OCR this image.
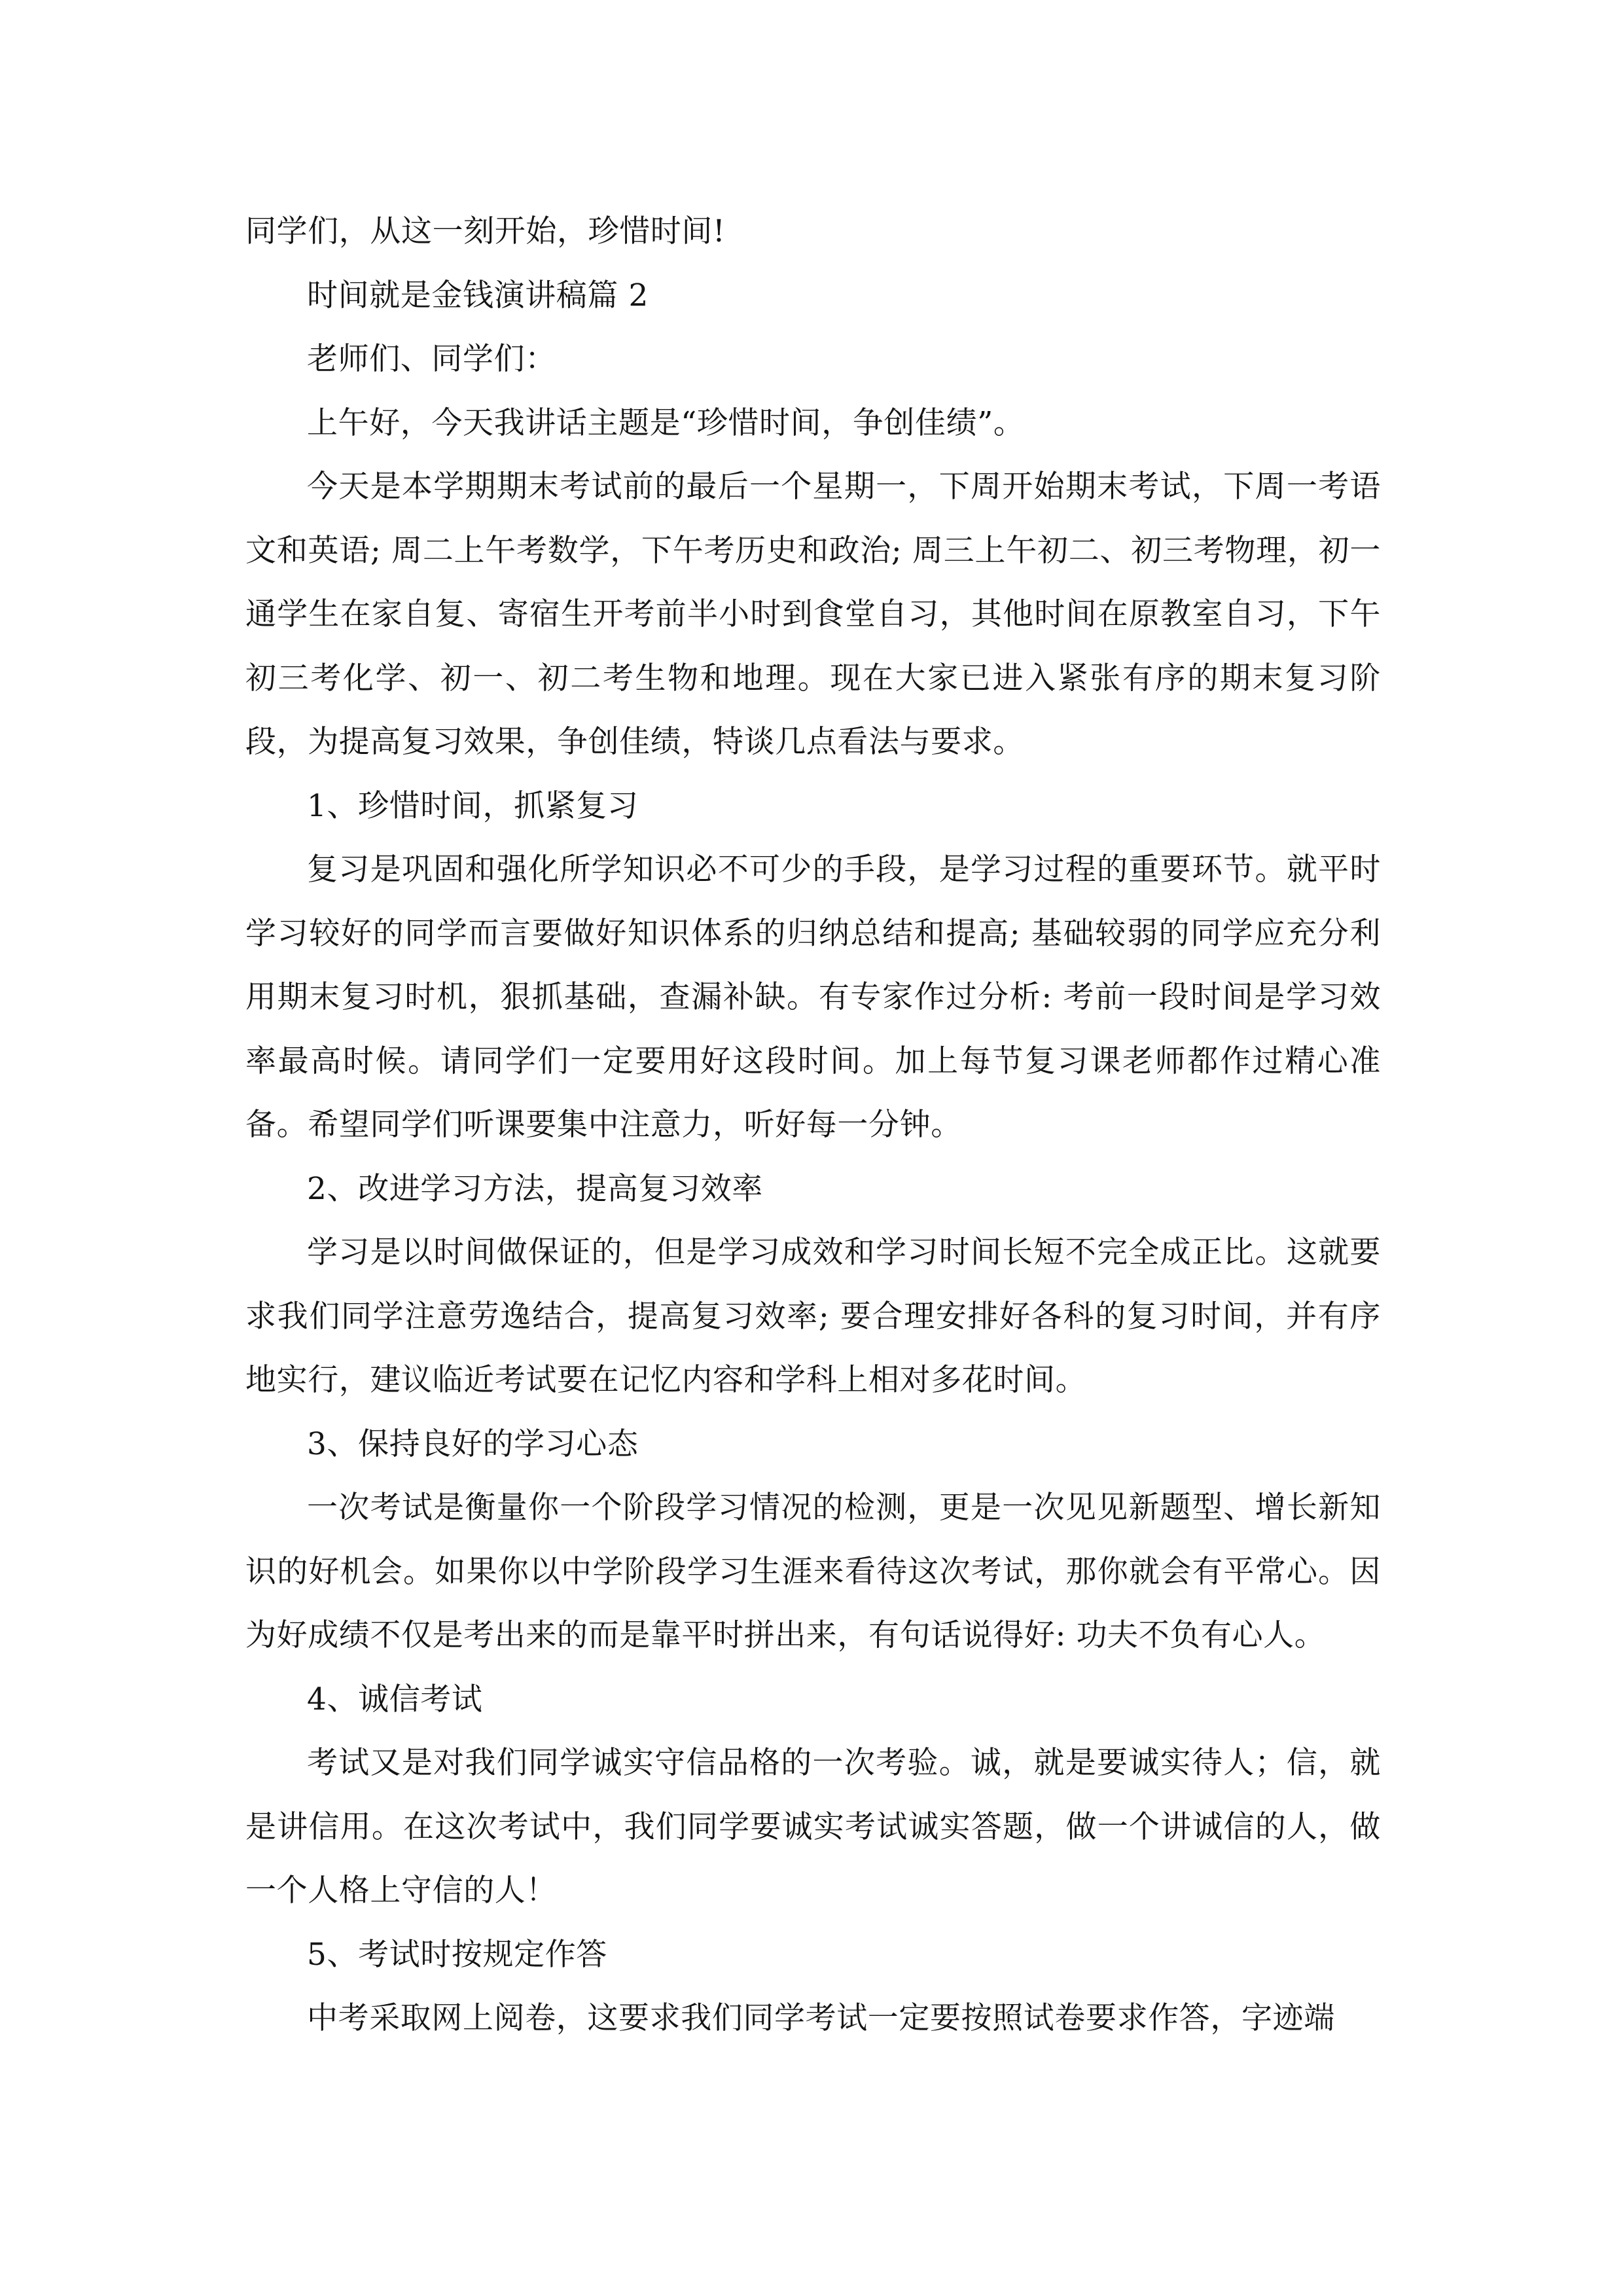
同学们，从这一刻开始，珍惜时间!

时间就是金钱演讲稿篇 2

老师们、同学们：

上午好，今天我讲话主题是“珍惜时间，争创佳绩”。

今天是本学期期末考试前的最后一个星期一，下周开始期末考试，下周一考语文和英语; 周二上午考数学，下午考历史和政治; 周三上午初二、初三考物理，初一通学生在家自复、寄宿生开考前半小时到食堂自习，其他时间在原教室自习，下午初三考化学、初一、初二考生物和地理。现在大家已进入紧张有序的期末复习阶段，为提高复习效果，争创佳绩，特谈几点看法与要求。

1、珍惜时间，抓紧复习

复习是巩固和强化所学知识必不可少的手段，是学习过程的重要环节。就平时学习较好的同学而言要做好知识体系的归纳总结和提高; 基础较弱的同学应充分利用期末复习时机，狠抓基础，查漏补缺。有专家作过分析: 考前一段时间是学习效率最高时候。请同学们一定要用好这段时间。加上每节复习课老师都作过精心准备。希望同学们听课要集中注意力，听好每一分钟。

2、改进学习方法，提高复习效率

学习是以时间做保证的，但是学习成效和学习时间长短不完全成正比。这就要求我们同学注意劳逸结合，提高复习效率; 要合理安排好各科的复习时间，并有序地实行，建议临近考试要在记忆内容和学科上相对多花时间。

3、保持良好的学习心态

一次考试是衡量你一个阶段学习情况的检测，更是一次见见新题型、增长新知识的好机会。如果你以中学阶段学习生涯来看待这次考试，那你就会有平常心。因为好成绩不仅是考出来的而是靠平时拼出来，有句话说得好: 功夫不负有心人。

4、诚信考试

考试又是对我们同学诚实守信品格的一次考验。诚，就是要诚实待人；信，就是讲信用。在这次考试中，我们同学要诚实考试诚实答题，做一个讲诚信的人，做一个人格上守信的人！

5、考试时按规定作答

中考采取网上阅卷，这要求我们同学考试一定要按照试卷要求作答，字迹端
